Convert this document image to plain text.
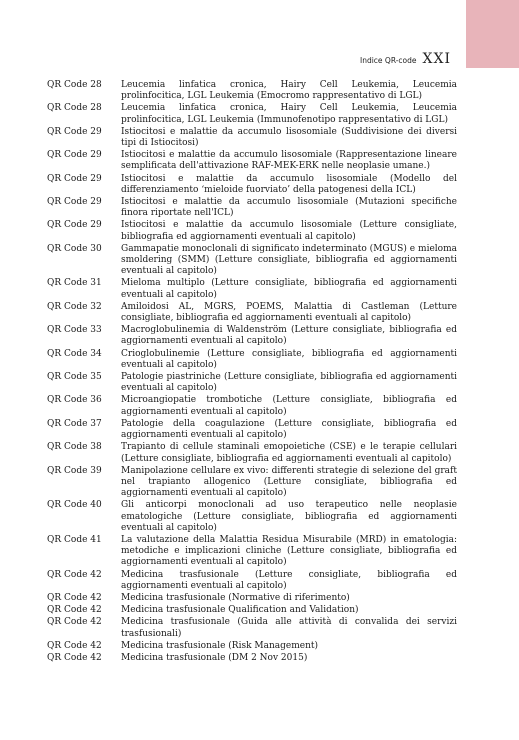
Indice QR-code XXI
QR Code 28	Leucemia linfatica cronica, Hairy Cell Leukemia, Leucemia prolinfocitica, LGL Leukemia (Emocromo rappresentativo di LGL)
QR Code 28	Leucemia linfatica cronica, Hairy Cell Leukemia, Leucemia prolinfocitica, LGL Leukemia (Immunofenotipo rappresentativo di LGL)
QR Code 29	Istiocitosi e malattie da accumulo lisosomiale (Suddivisione dei diversi tipi di Istiocitosi)
QR Code 29	Istiocitosi e malattie da accumulo lisosomiale (Rappresentazione lineare semplificata dell'attivazione RAF-MEK-ERK nelle neoplasie umane.)
QR Code 29	Istiocitosi e malattie da accumulo lisosomiale (Modello del differenziamento ‘mieloide fuorviato’ della patogenesi della ICL)
QR Code 29	Istiocitosi e malattie da accumulo lisosomiale (Mutazioni specifiche finora riportate nell'ICL)
QR Code 29	Istiocitosi e malattie da accumulo lisosomiale (Letture consigliate, bibliografia ed aggiornamenti eventuali al capitolo)
QR Code 30	Gammapatie monoclonali di significato indeterminato (MGUS) e mieloma smoldering (SMM) (Letture consigliate, bibliografia ed aggiornamenti eventuali al capitolo)
QR Code 31	Mieloma multiplo (Letture consigliate, bibliografia ed aggiornamenti eventuali al capitolo)
QR Code 32	Amiloidosi AL, MGRS, POEMS, Malattia di Castleman (Letture consigliate, bibliografia ed aggiornamenti eventuali al capitolo)
QR Code 33	Macroglobulinemia di Waldenström (Letture consigliate, bibliografia ed aggiornamenti eventuali al capitolo)
QR Code 34	Crioglobulinemie (Letture consigliate, bibliografia ed aggiornamenti eventuali al capitolo)
QR Code 35	Patologie piastriniche (Letture consigliate, bibliografia ed aggiornamenti eventuali al capitolo)
QR Code 36	Microangiopatie trombotiche (Letture consigliate, bibliografia ed aggiornamenti eventuali al capitolo)
QR Code 37	Patologie della coagulazione (Letture consigliate, bibliografia ed aggiornamenti eventuali al capitolo)
QR Code 38	Trapianto di cellule staminali emopoietiche (CSE) e le terapie cellulari (Letture consigliate, bibliografia ed aggiornamenti eventuali al capitolo)
QR Code 39	Manipolazione cellulare ex vivo: differenti strategie di selezione del graft nel trapianto allogenico (Letture consigliate, bibliografia ed aggiornamenti eventuali al capitolo)
QR Code 40	Gli anticorpi monoclonali ad uso terapeutico nelle neoplasie ematologiche (Letture consigliate, bibliografia ed aggiornamenti eventuali al capitolo)
QR Code 41	La valutazione della Malattia Residua Misurabile (MRD) in ematologia: metodiche e implicazioni cliniche (Letture consigliate, bibliografia ed aggiornamenti eventuali al capitolo)
QR Code 42	Medicina trasfusionale (Letture consigliate, bibliografia ed aggiornamenti eventuali al capitolo)
QR Code 42	Medicina trasfusionale (Normative di riferimento)
QR Code 42	Medicina trasfusionale Qualification and Validation)
QR Code 42	Medicina trasfusionale (Guida alle attività di convalida dei servizi trasfusionali)
QR Code 42	Medicina trasfusionale (Risk Management)
QR Code 42	Medicina trasfusionale (DM 2 Nov 2015)
